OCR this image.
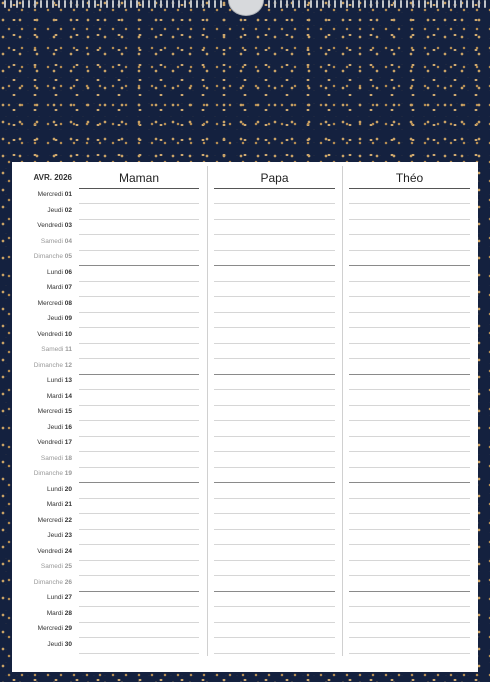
AVR. 2026	Maman	Papa	Théo
Mercredi 01
Jeudi 02
Vendredi 03
Samedi 04
Dimanche 05
Lundi 06
Mardi 07
Mercredi 08
Jeudi 09
Vendredi 10
Samedi 11
Dimanche 12
Lundi 13
Mardi 14
Mercredi 15
Jeudi 16
Vendredi 17
Samedi 18
Dimanche 19
Lundi 20
Mardi 21
Mercredi 22
Jeudi 23
Vendredi 24
Samedi 25
Dimanche 26
Lundi 27
Mardi 28
Mercredi 29
Jeudi 30
